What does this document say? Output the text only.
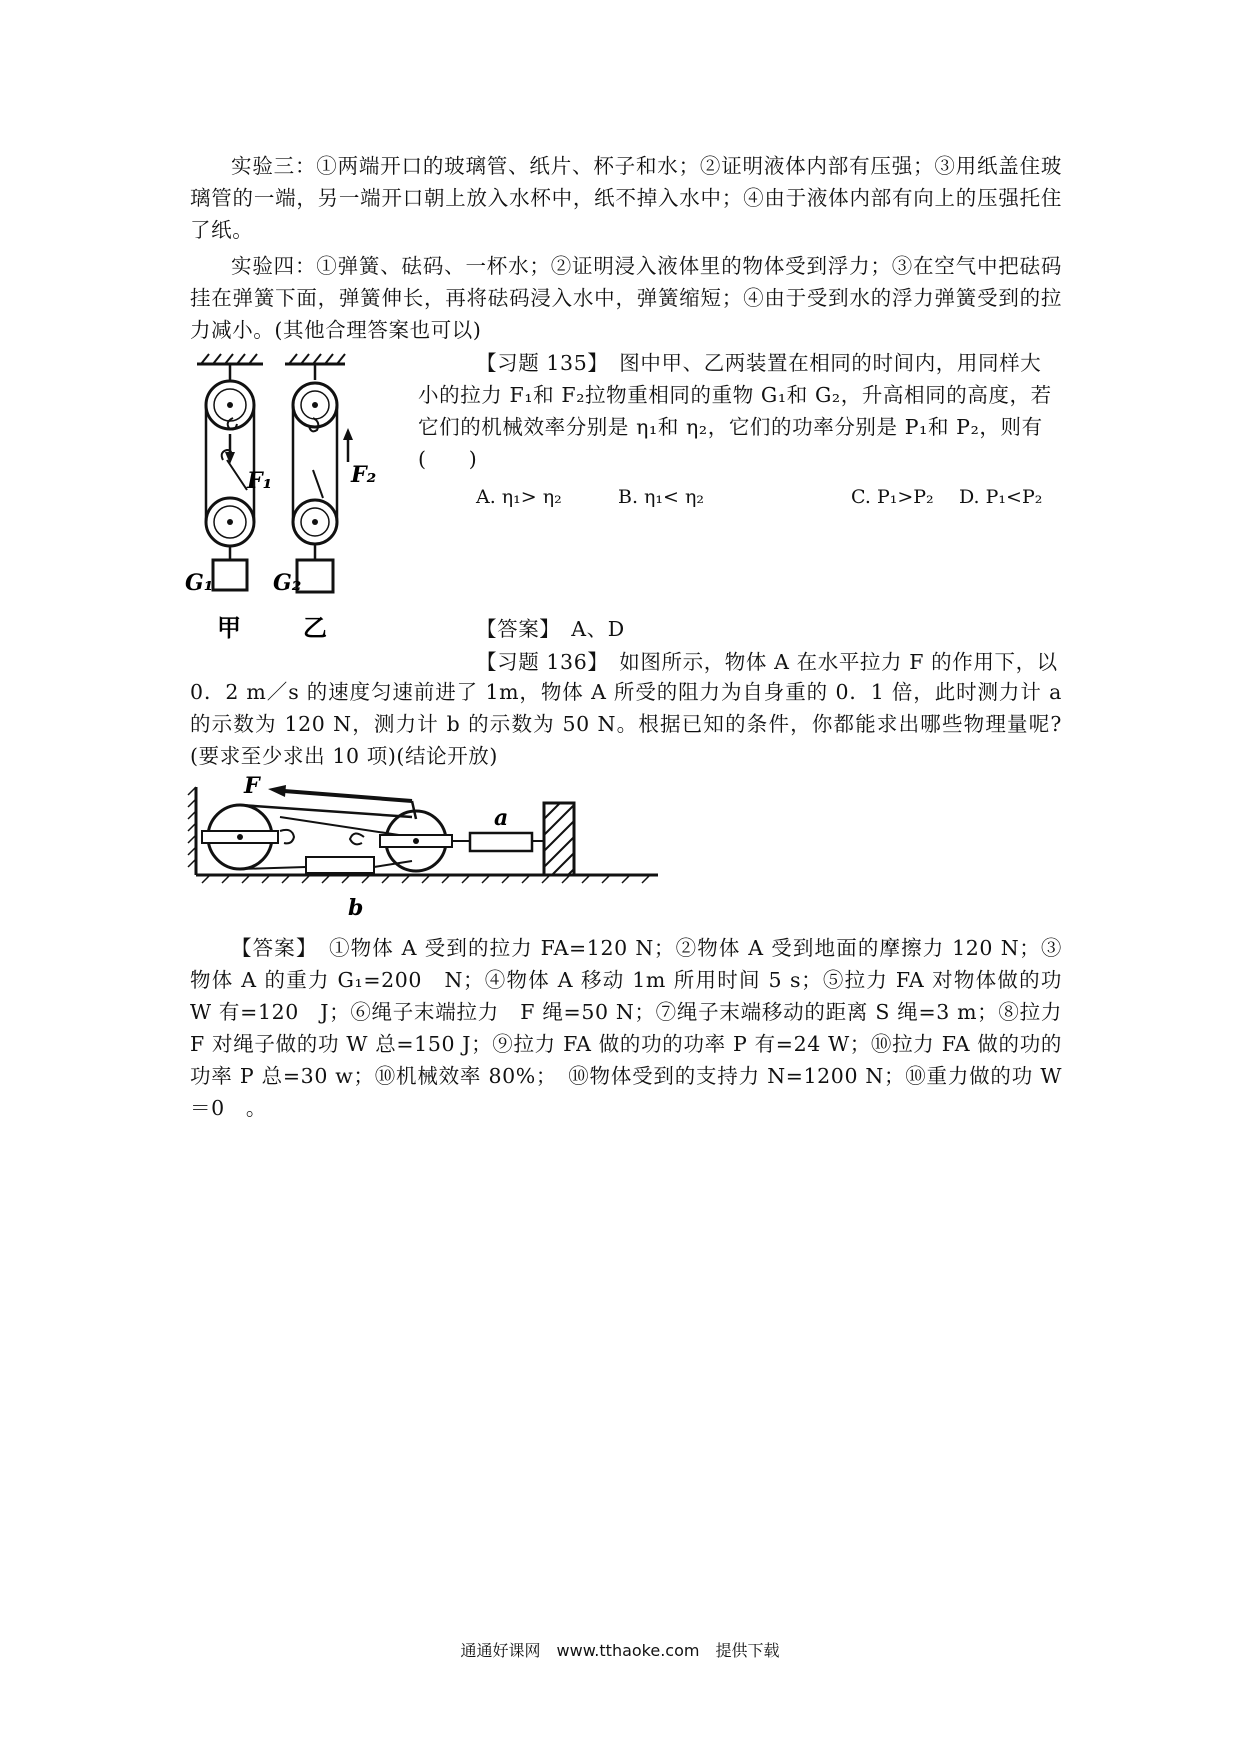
实验三：①两端开口的玻璃管、纸片、杯子和水；②证明液体内部有压强；③用纸盖住玻璃管的一端，另一端开口朝上放入水杯中，纸不掉入水中；④由于液体内部有向上的压强托住了纸。

实验四：①弹簧、砝码、一杯水；②证明浸入液体里的物体受到浮力；③在空气中把砝码挂在弹簧下面，弹簧伸长，再将砝码浸入水中，弹簧缩短；④由于受到水的浮力弹簧受到的拉力减小。(其他合理答案也可以)

F₁	F₂
G₁	G₂
甲	乙

【习题 135】　图中甲、乙两装置在相同的时间内，用同样大小的拉力 F₁和 F₂拉物重相同的重物 G₁和 G₂，升高相同的高度，若它们的机械效率分别是 η₁和 η₂，它们的功率分别是 P₁和 P₂，则有(　　)

A. η₁> η₂	B. η₁< η₂	C. P₁>P₂ D. P₁<P₂
【答案】　A、D
【习题 136】　如图所示，物体 A 在水平拉力 F 的作用下，以

0．2 m／s 的速度匀速前进了 1m，物体 A 所受的阻力为自身重的 0．1 倍，此时测力计 a 的示数为 120 N，测力计 b 的示数为 50 N。根据已知的条件，你都能求出哪些物理量呢?(要求至少求出 10 项)(结论开放)

F
a
b

【答案】　①物体 A 受到的拉力 FA=120 N；②物体 A 受到地面的摩擦力 120 N；③物体 A 的重力 G₁=200　N；④物体 A 移动 1m 所用时间 5 s；⑤拉力 FA 对物体做的功 W 有=120　J；⑥绳子末端拉力　F 绳=50 N；⑦绳子末端移动的距离 S 绳=3 m；⑧拉力 F 对绳子做的功 W 总=150 J；⑨拉力 FA 做的功的功率 P 有=24 W；⑩拉力 FA 做的功的功率 P 总=30 w；⑩机械效率 80%；　⑩物体受到的支持力 N=1200 N；⑩重力做的功 W＝0　。

通通好课网　www.tthaoke.com　提供下载
